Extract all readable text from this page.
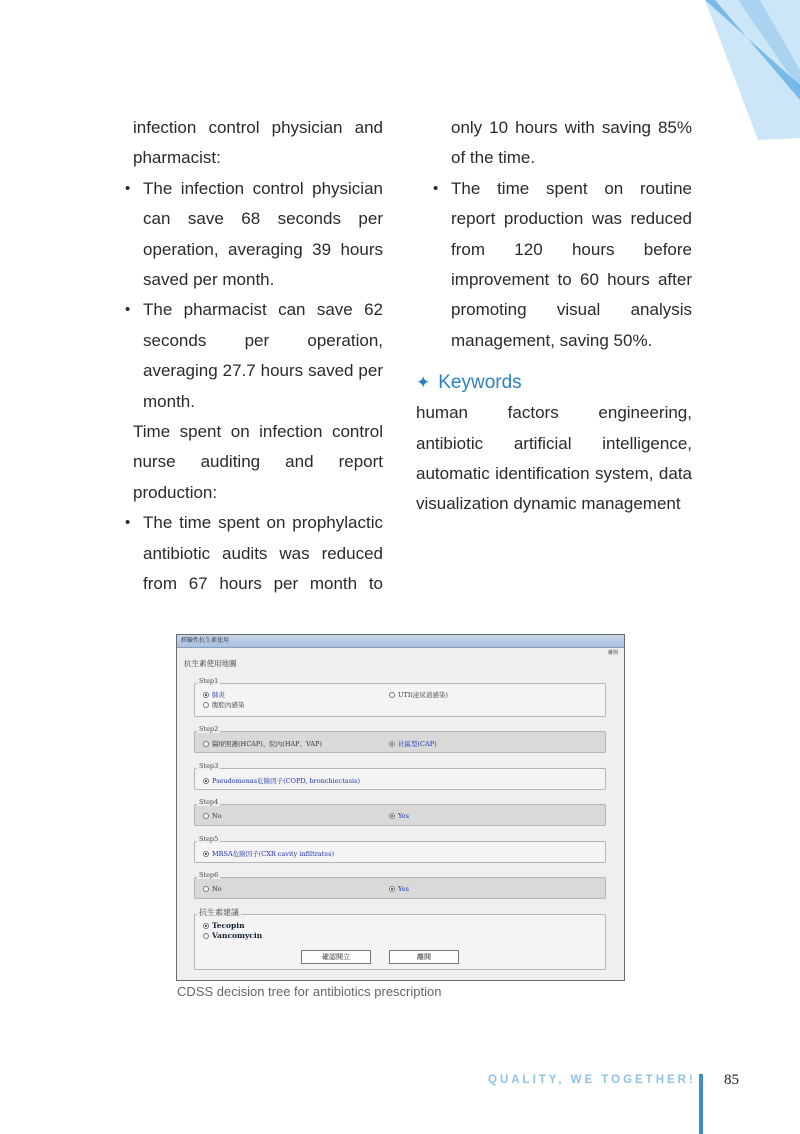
infection control physician and pharmacist:
• The infection control physician can save 68 seconds per operation, averaging 39 hours saved per month.
• The pharmacist can save 62 seconds per operation, averaging 27.7 hours saved per month.
Time spent on infection control nurse auditing and report production:
• The time spent on prophylactic antibiotic audits was reduced from 67 hours per month to
only 10 hours with saving 85% of the time.
• The time spent on routine report production was reduced from 120 hours before improvement to 60 hours after promoting visual analysis management, saving 50%.
✦ Keywords
human factors engineering, antibiotic artificial intelligence, automatic identification system, data visualization dynamic management
經驗性抗生素使用
離開
抗生素使用地圖
Step1
肺炎	UTI(泌尿道感染)
腹腔內感染
Step2
醫療照護(HCAP)、院內(HAP、VAP)	社區型(CAP)
Step3
Pseudomonas危險因子(COPD, bronchiectasis)
Step4
No	Yes
Step5
MRSA危險因子(CXR cavity infiltrates)
Step6
No	Yes
抗生素建議
Tecopin
Vancomycin
確認開立	離開
CDSS decision tree for antibiotics prescription
QUALITY, WE TOGETHER! 85
